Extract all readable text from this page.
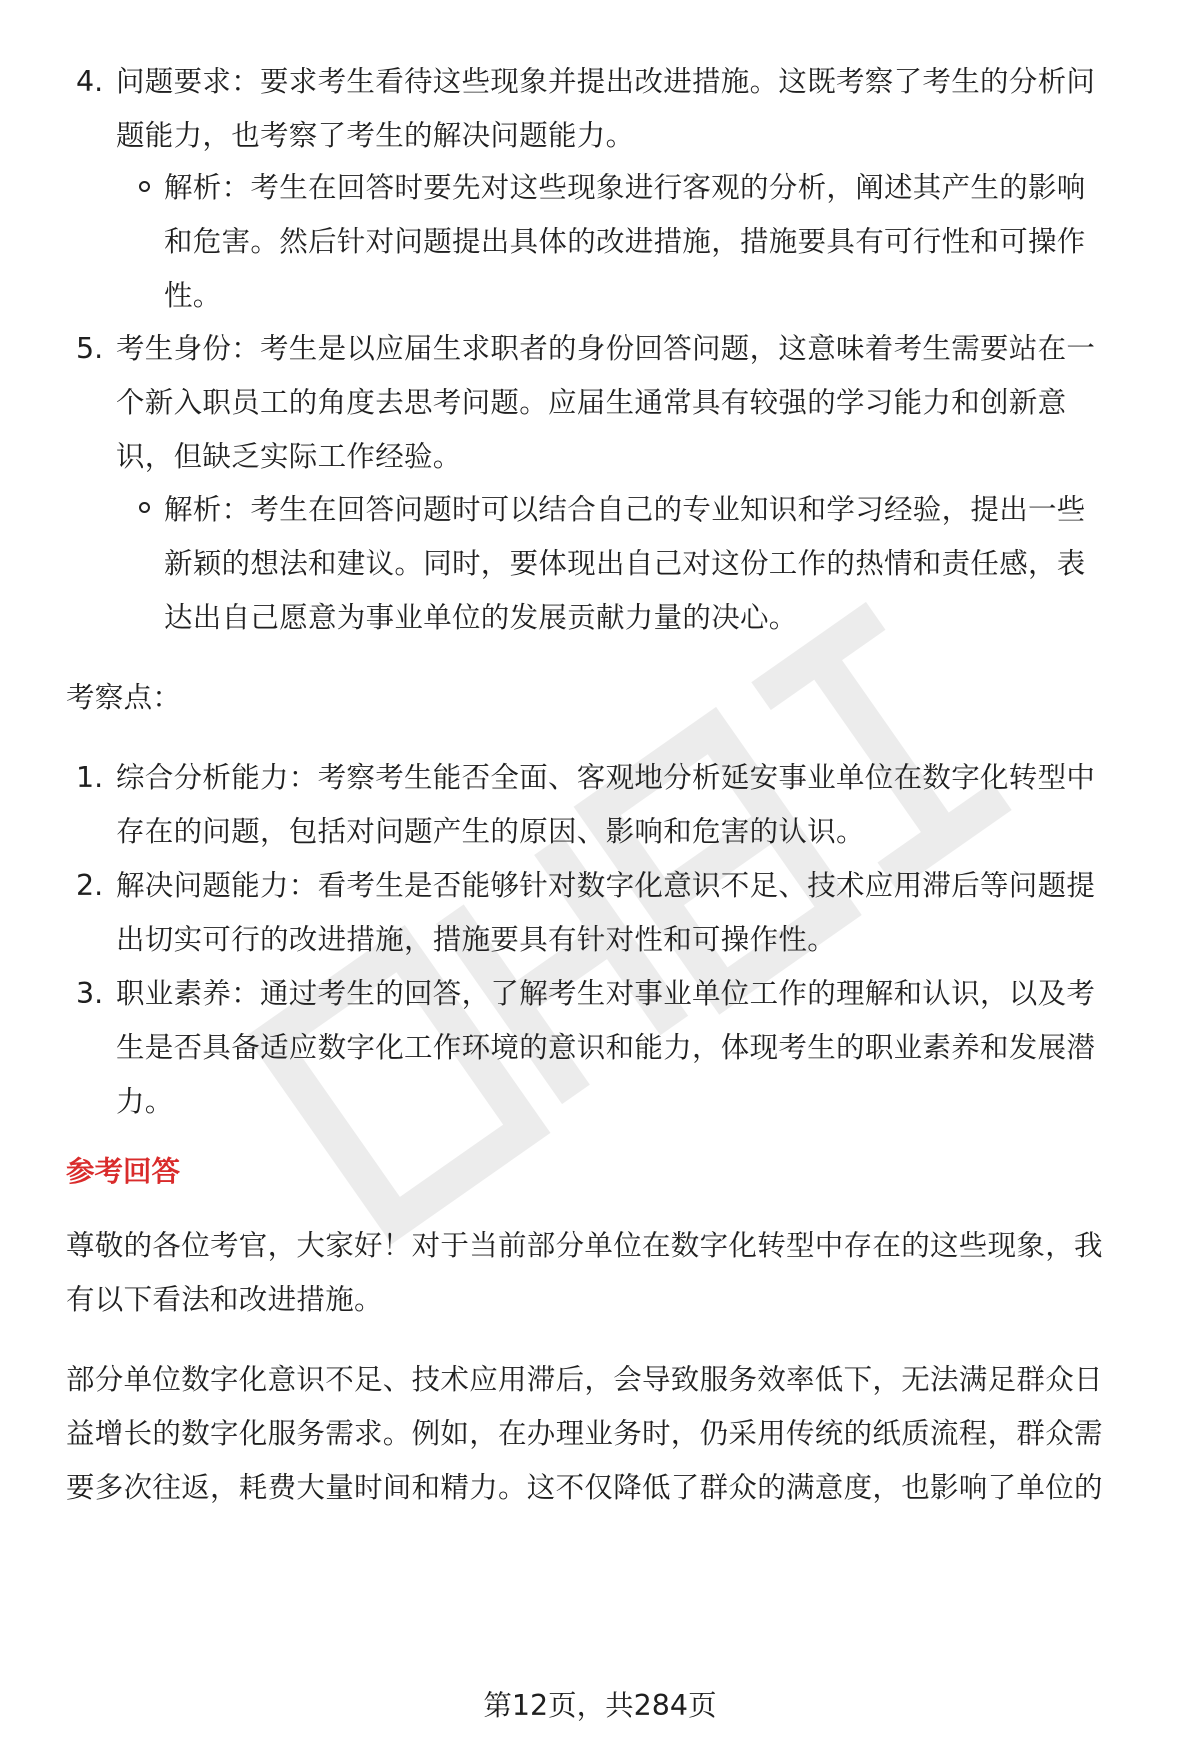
4. 问题要求：要求考生看待这些现象并提出改进措施。这既考察了考生的分析问
题能力，也考察了考生的解决问题能力。
解析：考生在回答时要先对这些现象进行客观的分析，阐述其产生的影响
和危害。然后针对问题提出具体的改进措施，措施要具有可行性和可操作
性。
5. 考生身份：考生是以应届生求职者的身份回答问题，这意味着考生需要站在一
个新入职员工的角度去思考问题。应届生通常具有较强的学习能力和创新意
识，但缺乏实际工作经验。
解析：考生在回答问题时可以结合自己的专业知识和学习经验，提出一些
新颖的想法和建议。同时，要体现出自己对这份工作的热情和责任感，表
达出自己愿意为事业单位的发展贡献力量的决心。
考察点：
1. 综合分析能力：考察考生能否全面、客观地分析延安事业单位在数字化转型中
存在的问题，包括对问题产生的原因、影响和危害的认识。
2. 解决问题能力：看考生是否能够针对数字化意识不足、技术应用滞后等问题提
出切实可行的改进措施，措施要具有针对性和可操作性。
3. 职业素养：通过考生的回答，了解考生对事业单位工作的理解和认识，以及考
生是否具备适应数字化工作环境的意识和能力，体现考生的职业素养和发展潜
力。
参考回答
尊敬的各位考官，大家好！对于当前部分单位在数字化转型中存在的这些现象，我
有以下看法和改进措施。
部分单位数字化意识不足、技术应用滞后，会导致服务效率低下，无法满足群众日
益增长的数字化服务需求。例如，在办理业务时，仍采用传统的纸质流程，群众需
要多次往返，耗费大量时间和精力。这不仅降低了群众的满意度，也影响了单位的
第12页，共284页
